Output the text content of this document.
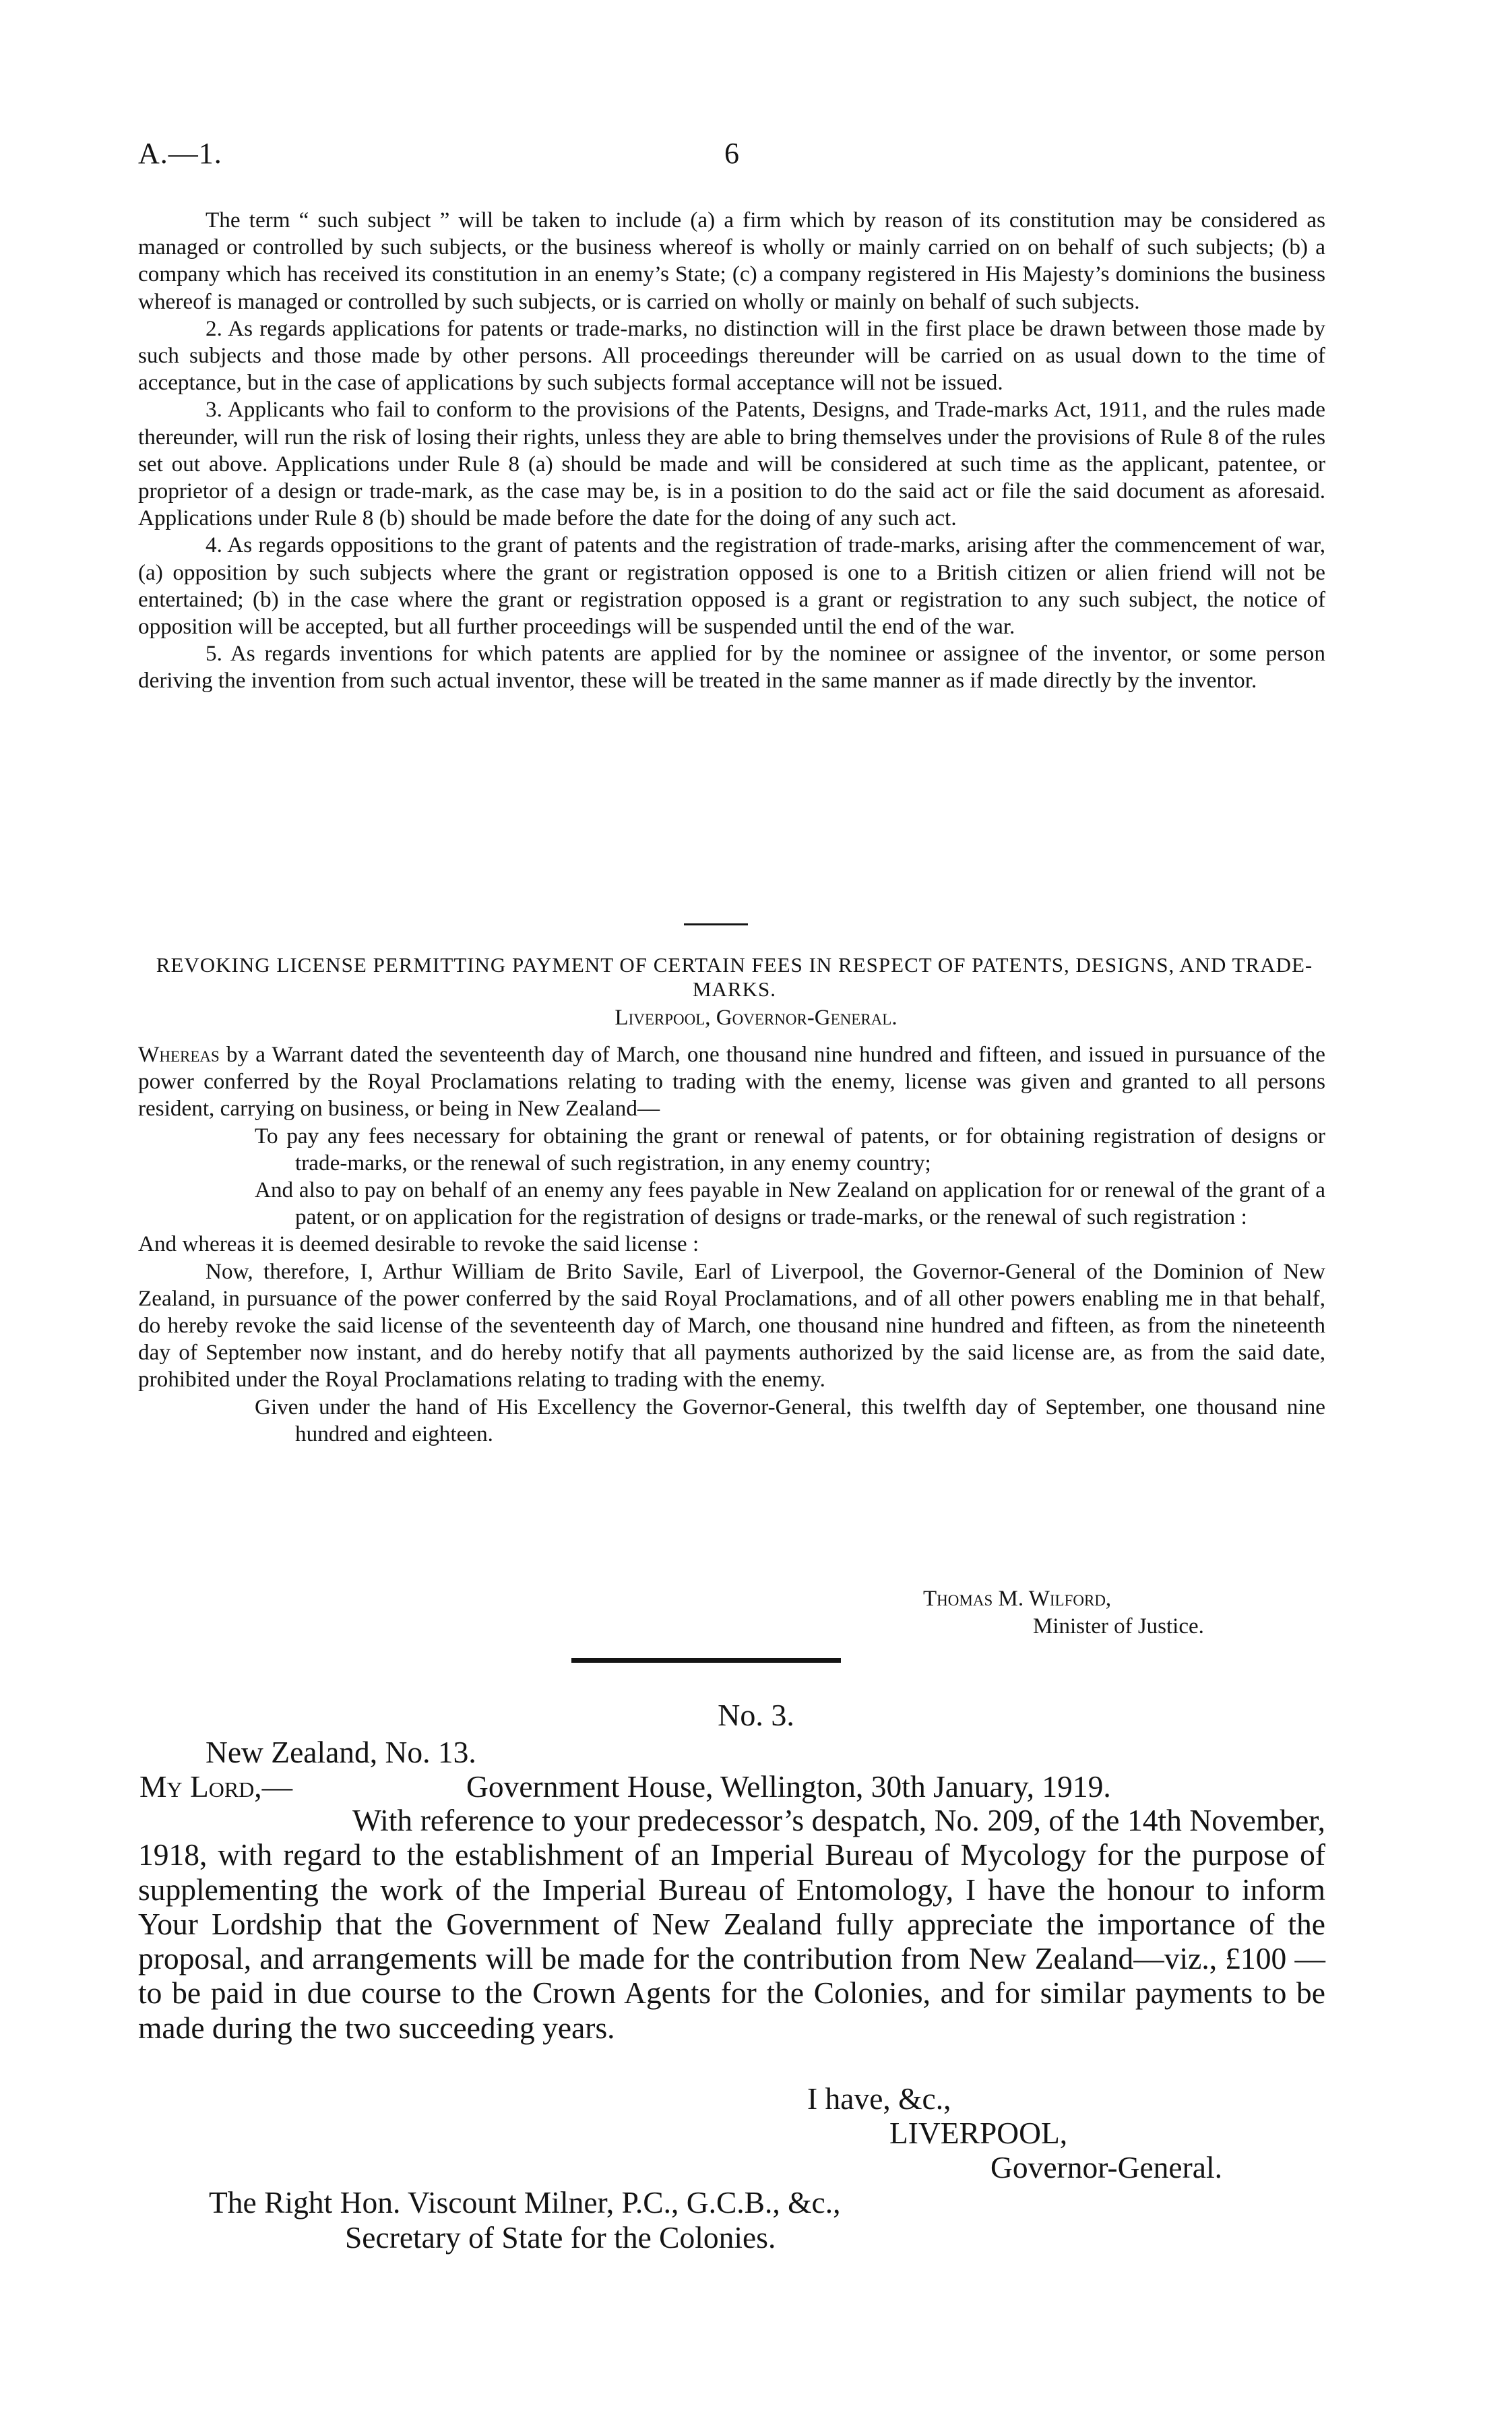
A.—1.	6

The term “ such subject ” will be taken to include (a) a firm which by reason of its constitution may be considered as managed or controlled by such subjects, or the business whereof is wholly or mainly carried on on behalf of such subjects; (b) a company which has received its constitution in an enemy’s State; (c) a company registered in His Majesty’s dominions the business whereof is managed or controlled by such subjects, or is carried on wholly or mainly on behalf of such subjects.

2. As regards applications for patents or trade-marks, no distinction will in the first place be drawn between those made by such subjects and those made by other persons. All proceedings thereunder will be carried on as usual down to the time of acceptance, but in the case of applications by such subjects formal acceptance will not be issued.

3. Applicants who fail to conform to the provisions of the Patents, Designs, and Trade-marks Act, 1911, and the rules made thereunder, will run the risk of losing their rights, unless they are able to bring themselves under the provisions of Rule 8 of the rules set out above. Applications under Rule 8 (a) should be made and will be considered at such time as the applicant, patentee, or proprietor of a design or trade-mark, as the case may be, is in a position to do the said act or file the said document as aforesaid. Applications under Rule 8 (b) should be made before the date for the doing of any such act.

4. As regards oppositions to the grant of patents and the registration of trade-marks, arising after the commencement of war, (a) opposition by such subjects where the grant or registration opposed is one to a British citizen or alien friend will not be entertained; (b) in the case where the grant or registration opposed is a grant or registration to any such subject, the notice of opposition will be accepted, but all further proceedings will be suspended until the end of the war.

5. As regards inventions for which patents are applied for by the nominee or assignee of the inventor, or some person deriving the invention from such actual inventor, these will be treated in the same manner as if made directly by the inventor.

REVOKING LICENSE PERMITTING PAYMENT OF CERTAIN FEES IN RESPECT OF PATENTS, DESIGNS, AND TRADE-MARKS.
Liverpool, Governor-General.

Whereas by a Warrant dated the seventeenth day of March, one thousand nine hundred and fifteen, and issued in pursuance of the power conferred by the Royal Proclamations relating to trading with the enemy, license was given and granted to all persons resident, carrying on business, or being in New Zealand—

To pay any fees necessary for obtaining the grant or renewal of patents, or for obtaining registration of designs or trade-marks, or the renewal of such registration, in any enemy country;

And also to pay on behalf of an enemy any fees payable in New Zealand on application for or renewal of the grant of a patent, or on application for the registration of designs or trade-marks, or the renewal of such registration :

And whereas it is deemed desirable to revoke the said license :

Now, therefore, I, Arthur William de Brito Savile, Earl of Liverpool, the Governor-General of the Dominion of New Zealand, in pursuance of the power conferred by the said Royal Proclamations, and of all other powers enabling me in that behalf, do hereby revoke the said license of the seventeenth day of March, one thousand nine hundred and fifteen, as from the nineteenth day of September now instant, and do hereby notify that all payments authorized by the said license are, as from the said date, prohibited under the Royal Proclamations relating to trading with the enemy.

Given under the hand of His Excellency the Governor-General, this twelfth day of September, one thousand nine hundred and eighteen.

Thomas M. Wilford,
Minister of Justice.
No. 3.
New Zealand, No. 13.
My Lord,—	Government House, Wellington, 30th January, 1919.

With reference to your predecessor’s despatch, No. 209, of the 14th November, 1918, with regard to the establishment of an Imperial Bureau of Mycology for the purpose of supplementing the work of the Imperial Bureau of Entomology, I have the honour to inform Your Lordship that the Government of New Zealand fully appreciate the importance of the proposal, and arrangements will be made for the contribution from New Zealand—viz., £100 —to be paid in due course to the Crown Agents for the Colonies, and for similar payments to be made during the two succeeding years.

I have, &c.,
LIVERPOOL,
Governor-General.
The Right Hon. Viscount Milner, P.C., G.C.B., &c.,
Secretary of State for the Colonies.
